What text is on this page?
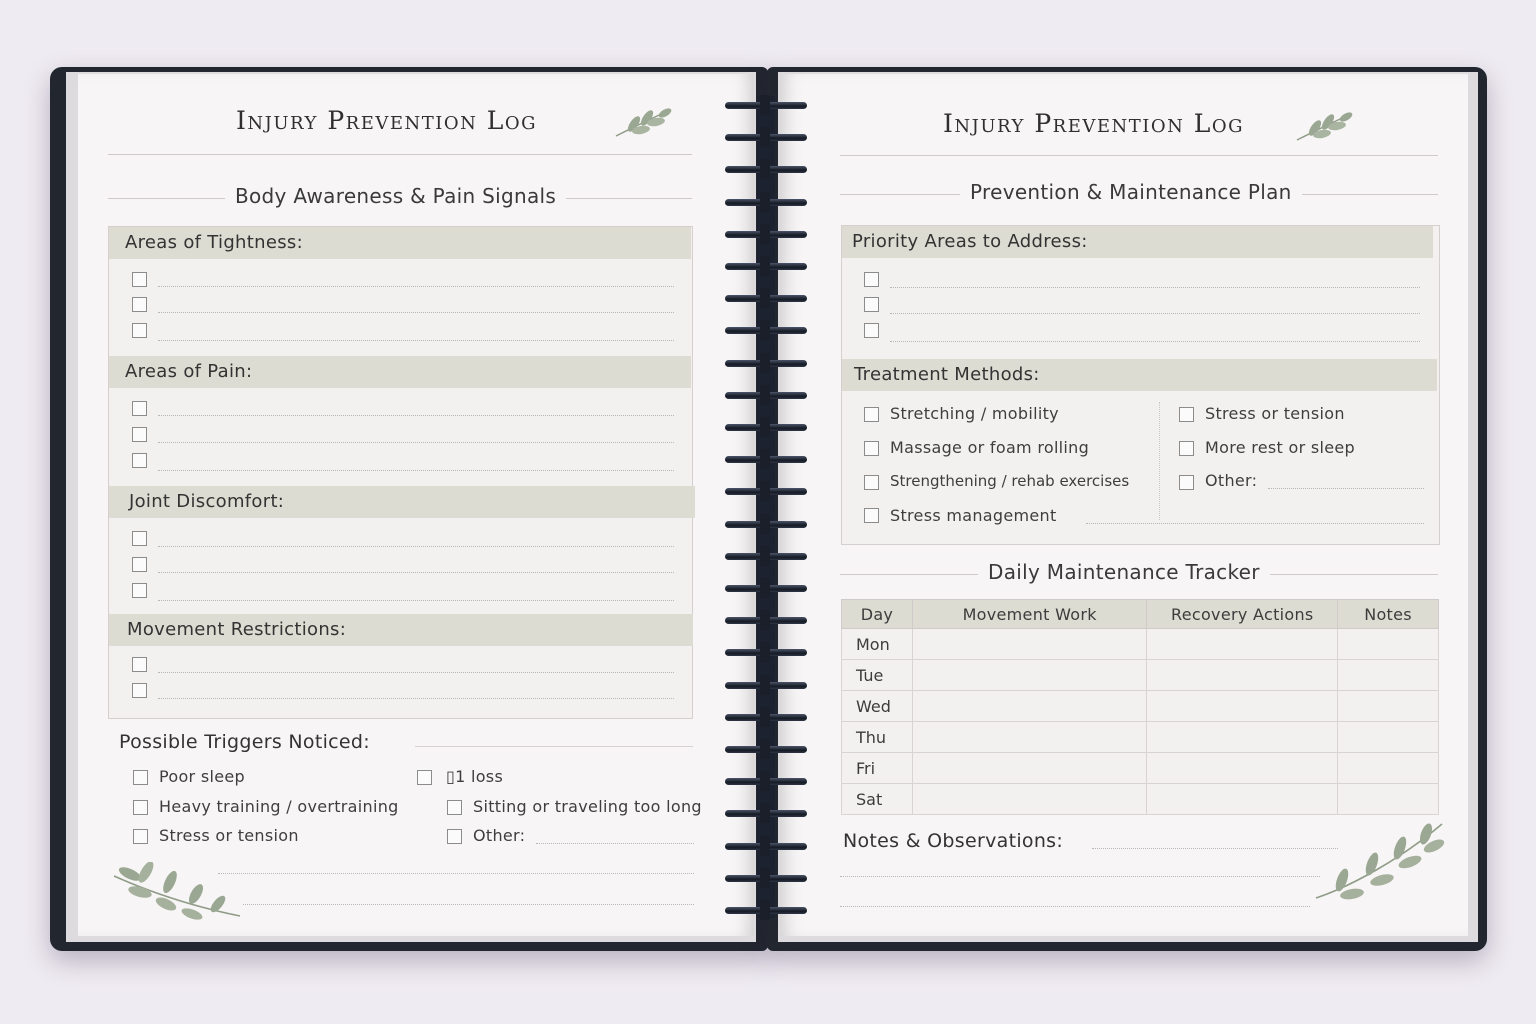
Injury Prevention Log
Body Awareness & Pain Signals
Areas of Tightness:
Areas of Pain:
Joint Discomfort:
Movement Restrictions:
Possible Triggers Noticed:
Poor sleep
Heavy training / overtraining
Stress or tension
▯1 loss
Sitting or traveling too long
Other:
Injury Prevention Log
Prevention & Maintenance Plan
Priority Areas to Address:
Treatment Methods:
Stretching / mobility
Massage or foam rolling
Strengthening / rehab exercises
Stress management
Stress or tension
More rest or sleep
Other:
Daily Maintenance Tracker
Day	Movement Work	Recovery Actions	Notes
Mon			
Tue			
Wed			
Thu			
Fri			
Sat			
Notes & Observations:
